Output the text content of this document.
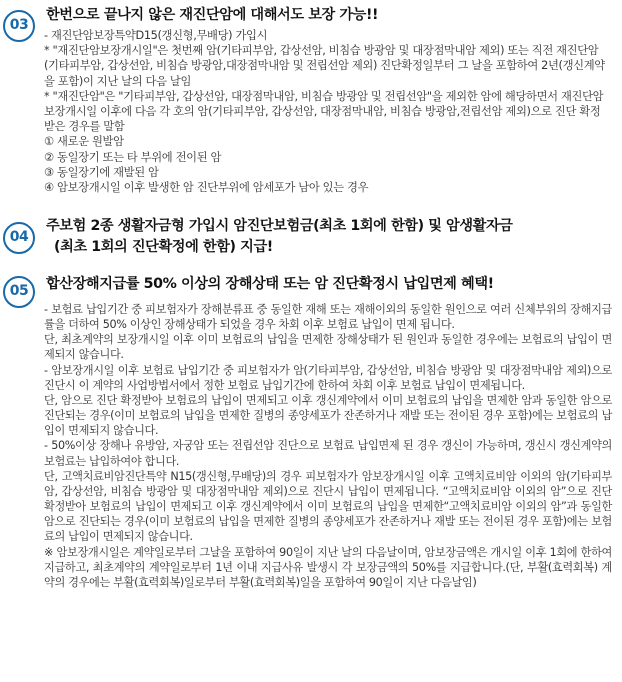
03
한번으로 끝나지 않은 재진단암에 대해서도 보장 가능!!
- 재진단암보장특약D15(갱신형,무배당) 가입시
* "재진단암보장개시일"은 첫번째 암(기타피부암, 갑상선암, 비침습 방광암 및 대장점막내암 제외) 또는 직전 재진단암(기타피부암, 갑상선암, 비침습 방광암,대장점막내암 및 전립선암 제외) 진단확정일부터 그 날을 포함하여 2년(갱신계약을 포함)이 지난 날의 다음 날임
* "재진단암"은 "기타피부암, 갑상선암, 대장점막내암, 비침습 방광암 및 전립선암"을 제외한 암에 해당하면서 재진단암 보장개시일 이후에 다음 각 호의 암(기타피부암, 갑상선암, 대장점막내암, 비침습 방광암,전립선암 제외)으로 진단 확정 받은 경우를 말함
① 새로운 원발암
② 동일장기 또는 타 부위에 전이된 암
③ 동일장기에 재발된 암
④ 암보장개시일 이후 발생한 암 진단부위에 암세포가 남아 있는 경우
04
주보험 2종 생활자금형 가입시 암진단보험금(최초 1회에 한함) 및 암생활자금
(최초 1회의 진단확정에 한함) 지급!
05	합산장해지급률 50% 이상의 장해상태 또는 암 진단확정시 납입면제 혜택!
- 보험료 납입기간 중 피보험자가 장해분류표 중 동일한 재해 또는 재해이외의 동일한 원인으로 여러 신체부위의 장해지급률을 더하여 50% 이상인 장해상태가 되었을 경우 차회 이후 보험료 납입이 면제 됩니다.
단, 최초계약의 보장개시일 이후 이미 보험료의 납입을 면제한 장해상태가 된 원인과 동일한 경우에는 보험료의 납입이 면제되지 않습니다.
- 암보장개시일 이후 보험료 납입기간 중 피보험자가 암(기타피부암, 갑상선암, 비침습 방광암 및 대장점막내암 제외)으로 진단시 이 계약의 사업방법서에서 정한 보험료 납입기간에 한하여 차회 이후 보험료 납입이 면제됩니다.
단, 암으로 진단 확정받아 보험료의 납입이 면제되고 이후 갱신계약에서 이미 보험료의 납입을 면제한 암과 동일한 암으로 진단되는 경우(이미 보험료의 납입을 면제한 질병의 종양세포가 잔존하거나 재발 또는 전이된 경우 포함)에는 보험료의 납입이 면제되지 않습니다.
- 50%이상 장해나 유방암, 자궁암 또는 전립선암 진단으로 보험료 납입면제 된 경우 갱신이 가능하며, 갱신시 갱신계약의 보험료는 납입하여야 합니다.
단, 고액치료비암진단특약 N15(갱신형,무배당)의 경우 피보험자가 암보장개시일 이후 고액치료비암 이외의 암(기타피부암, 갑상선암, 비침습 방광암 및 대장점막내암 제외)으로 진단시 납입이 면제됩니다. “고액치료비암 이외의 암”으로 진단 확정받아 보험료의 납입이 면제되고 이후 갱신계약에서 이미 보험료의 납입을 면제한“고액치료비암 이외의 암”과 동일한 암으로 진단되는 경우(이미 보험료의 납입을 면제한 질병의 종양세포가 잔존하거나 재발 또는 전이된 경우 포함)에는 보험료의 납입이 면제되지 않습니다.
※ 암보장개시일은 계약일로부터 그날을 포함하여 90일이 지난 날의 다음날이며, 암보장금액은 개시일 이후 1회에 한하여 지급하고, 최초계약의 계약일로부터 1년 이내 지급사유 발생시 각 보장금액의 50%를 지급합니다.(단, 부활(효력회복) 계약의 경우에는 부활(효력회복)일로부터 부활(효력회복)일을 포함하여 90일이 지난 다음날임)
